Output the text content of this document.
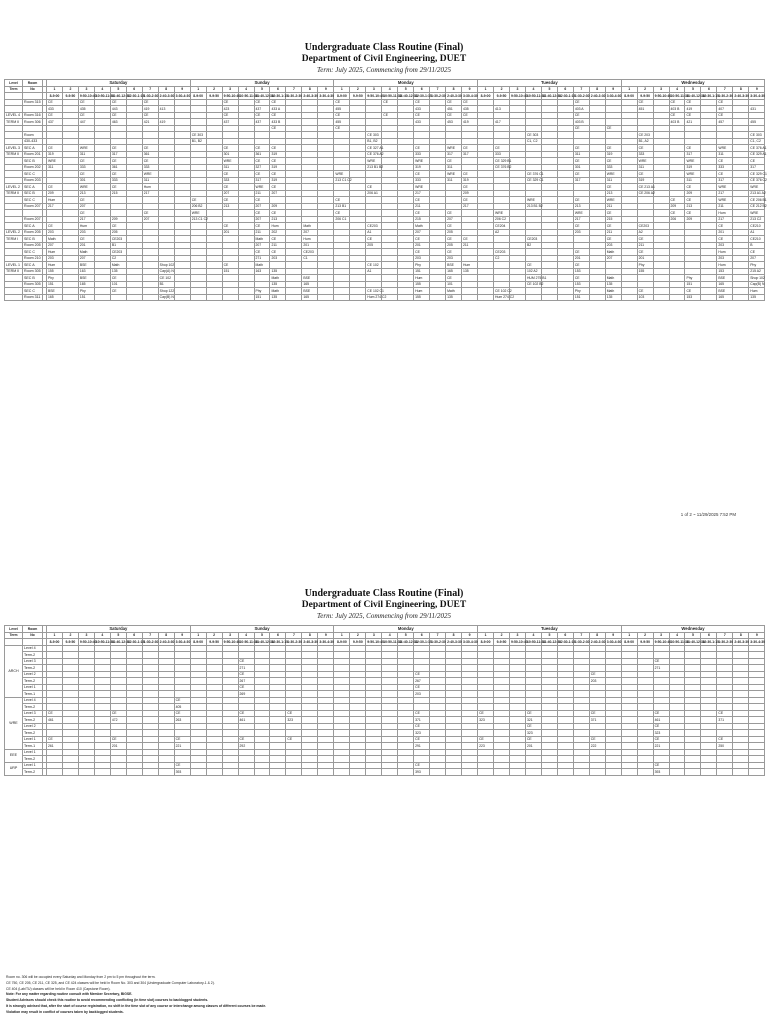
Undergraduate Class Routine (Final)
Department of Civil Engineering, DUET
Term: July 2025, Commencing from 29/11/2025
Level	Room		Saturday									Sunday									Monday									Tuesday									Wednesday								
Term	No		1	2	3	4	5	6	7	8	9	1	2	3	4	5	6	7	8	9	1	2	3	4	5	6	7	8	9	1	2	3	4	5	6	7	8	9	1	2	3	4	5	6	7	8	9
			8-9:00	9-9:50	9:50-10:40	10:50-11:30	11:40-12:30	12:30-1:15	1:30-2:30	2:40-3:30	3:30-4:30	8-9:00	9-9:50	9:50-10:40	10:50-11:30	11:40-12:30	12:30-1:15	1:30-2:30	2:40-3:30	3:30-4:30	8-9:00	9-9:50	9:50-10:40	10:50-11:30	11:40-12:30	12:30-1:15	1:30-2:30	2:40-3:30	3:30-4:30	8-9:00	9-9:50	9:50-10:40	10:50-11:30	11:40-12:30	12:30-1:15	1:30-2:30	2:40-3:30	3:30-4:30	8-9:00	9-9:50	9:50-10:40	10:50-11:30	11:40-12:30	12:30-1:15	1:30-2:30	2:40-3:30	3:30-4:30
	Room 315		CE		CE		CE		CE					CE		CE	CE				CE			CE		CE		CE	CE							CE				CE		CE	CE		CE		
			433		435		443		419	413				423		437	433 A				455					433		451	435		413					403 A				451		403 B	419		407		431
LEVEL 4	Room 316		CE		CE		CE		CE					CE		CE	CE				CE			CE		CE		CE	CE							CE						CE	CE		CE		
TERM II	Room 306		437		447		463		421	419				437		437	433 B				455					433		453	419		417					403 B						403 B	421		457		455
																	CE				CE															CE		CE									
	Room											CE 303											CE 303										CE 303							CE 203							CE 303
	430-433											B1, B2											B1, B2										C1, C2							B1, A2							C1, C2
LEVEL 3	SEC A		CE		WRE		CE		CE					CE		CE	CE						CE 327 A1			CE		WRE	CE		CE					CE		CE		CE			CE		WRE		CE 376 A1
TERM II	Room 201		319		311		317		361					301		361	319						CE 376 A2			333		317	317		333					311		319		333			317		311		CE 329 A1
	SEC B		WRE		CE		CE		CE					WRE		CE	CE						WRE			WRE		CE			CE 329 B1					CE		CE		WRE			WRE		CE		CE
	Room 202		311		333		361		333					311		327	319						213 B1 B2			319		311			CE 376 B2					301		333		311			319		333		317
	SEC C				CE		CE		WRE					CE		CE	CE				WRE					CE		WRE	CE				CE 376 C1			CE		WRE		CE			WRE		CE		CE 329 C1
	Room 203				301		333		311					333		317	319				213 C1 C2					333		311	319				CE 329 C1			317		311		319			311		317		CE 376 C2
LEVEL 2	SEC A		CE		WRE		CE		Hum					CE		WRE	CE						CE			WRE			CE									CE		CE 213 A1			CE		WRE		WRE
TERM II	SEC B		209		213		215		217					207		211	207						206 A1			217			209									213		CE 206 A2			209		217		213 A1 A2
	SEC C		Hum		CE							CE		CE		CE					CE					CE			CE				WRE			CE		WRE				CE	CE		WRE		CE 206 B1
	Room 207		217		207							206 B2		213		207	209				213 B1					211			217				213 B1 B2			213		211				209	213		211		CE 212 B2
					CE				CE			WRE				CE	CE				CE					CE		CE			WRE					WRE		CE				CE	CE		Hum		WRE
	Room 207				217		209		207			213 C1 C2				207	213				206 C1					215		207			206 C2					217		215				206	209		217		213 C2
	SEC A		CE		Hum		CE							CE		CE	Hum		Math				CE203			Math		CE			CE204					CE		CE		CE203					CE		CE210
LEVEL 2	Room 205		203		203		205							201		211	202		207				A1			207		205			A2					203		211		A2					201		A1
TERM I	SEC B		Math		CE		CE203									Math	CE		Hum				CE			CE		CE	CE				CE203					CE		CE					CE		CE210
	Room 205		207		201		B1									207	211		201				205			201		205	211				B2					203		211					203		B
	SEC C		Hum		Math		CE203									CE	CE		CE203							CE		CE			CE203					CE		Math		CE					Hum		CE
	Room 210		203		207		C2									271	203		C1							203		203			C2					201		207		201					203		207
LEVEL 1	SEC A		Hum		BSE		Math			Shop 102				CE		Math							CE 102			Phy		BSE	Hum				CE			CE				Phy					Hum		Phy
TERM II	Room 305		155		163		135			Cap(A) N				151		163	135						A1			151		165	135				102 A2			153				155					153		215 A2
	SEC B		Phy		BSE		CE			CE 102							Math		BSE							Hum		CE					HUM 275 B1			CE		Math					Phy		BSE		Shop 102
	Room 305		151		165		101			B1							135		165							155		101					CE 102 B2			153		135					151		165		Cap(B) N
	SEC C		BSE		Phy		CE			Shop 122						Phy	Math		BSE				CE 102 C1			Hum		Math			CE 102 C2					Phy		Math		CE			CE		BSE		Hum
	Room 311		165		151					Cap(B) N						151	135		165				Hum 274 C2			155		135			Hum 274 C2					151		135		103			153		165		135
1 of 2 ~ 11/29/2025 7:52 PM
Undergraduate Class Routine (Final)
Department of Civil Engineering, DUET
Term: July 2025, Commencing from 29/11/2025
Level	Room		Saturday									Sunday									Monday									Tuesday									Wednesday								
Term	No		1	2	3	4	5	6	7	8	9	1	2	3	4	5	6	7	8	9	1	2	3	4	5	6	7	8	9	1	2	3	4	5	6	7	8	9	1	2	3	4	5	6	7	8	9
			8-9:00	9-9:50	9:50-10:40	10:50-11:30	11:40-12:30	12:30-1:15	1:30-2:30	2:40-3:30	3:30-4:30	8-9:00	9-9:50	9:50-10:40	10:50-11:30	11:40-12:30	12:30-1:15	1:30-2:30	2:40-3:30	3:30-4:30	8-9:00	9-9:50	9:50-10:40	10:50-11:30	11:40-12:30	12:30-1:15	1:30-2:30	2:40-3:30	3:30-4:30	8-9:00	9-9:50	9:50-10:40	10:50-11:30	11:40-12:30	12:30-1:15	1:30-2:30	2:40-3:30	3:30-4:30	8-9:00	9-9:50	9:50-10:40	10:50-11:30	11:40-12:30	12:30-1:15	1:30-2:30	2:40-3:30	3:30-4:30
ARCH	Level 4																																														
	Term-2																																														
	Level 3														CE																										CE						
	Term-2														271																										271						
	Level 2														CE											CE											CE										
	Term-2														267											267											203										
	Level 1														CE											CE																					
	Term-1														269											203																					
WRE	Level 4										CE																																				
	Term-2										405																																				
	Level 3		CE				CE				CE				CE			CE								CE				CE			CE				CE				CE				CE		
	Term-2		461				472				263				461			323								371				323			321				371				461				371		
	Level 2																									CE							CE								CE						
	Term-2																									323							323								323						
	Level 1		CE				CE				CE				CE			CE								CE				CE			CE				CE				CE				CE		
	Term-1		261				201				221				292											291				223			201				222				221				250		
EEE	Level 1																																														
	Term-2																																														
URP	Level 1										CE															CE															CE						
	Term-2										393															393															393						
Room no. 306 will be occupied every Saturday and Monday from 2 pm to 5 pm throughout the term.
CE 750, CE 205, CE 211, CE 325, and CE 424 classes will be held in Room No. 303 and 304 (Undergraduate Computer Laboratory-1 & 2).
CE 404 (Lab/TU) classes will be held in Room 410 (Capstone Room).
Note: For any matter regarding routine consult with Member Secretary, BIGSE.
Student Advisors should check this routine to avoid recommending conflicting (in time slot) courses to backlogged students.
It is strongly advised that, after the start of course registration, no shift in the time slot of any course or interchange among classes of different courses be made.
Violation may result in conflict of courses taken by backlogged students.
